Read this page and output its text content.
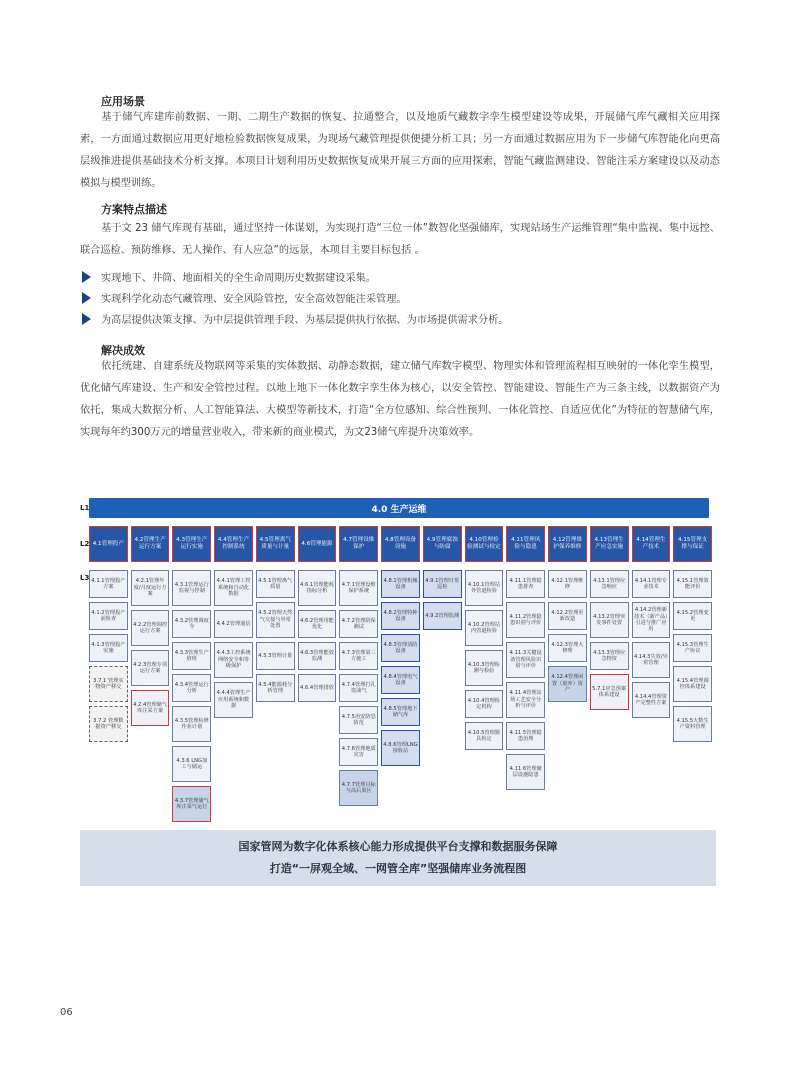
应用场景
基于储气库建库前数据、一期、二期生产数据的恢复、拉通整合，以及地质气藏数字孪生模型建设等成果，开展储气库气藏相关应用探索，一方面通过数据应用更好地检验数据恢复成果，为现场气藏管理提供便捷分析工具；另一方面通过数据应用为下一步储气库智能化向更高层级推进提供基础技术分析支撑。本项目计划利用历史数据恢复成果开展三方面的应用探索，智能气藏监测建设、智能注采方案建设以及动态模拟与模型训练。
方案特点描述
基于文 23 储气库现有基础，通过坚持一体谋划，为实现打造“三位一体”数智化坚强储库，实现站场生产运维管理“集中监视、集中远控、联合巡检、预防维修、无人操作、有人应急”的远景，本项目主要目标包括 。
实现地下、井筒、地面相关的全生命周期历史数据建设采集。
实现科学化动态气藏管理、安全风险管控，安全高效智能注采管理。
为高层提供决策支撑、为中层提供管理手段、为基层提供执行依据、为市场提供需求分析。
解决成效
依托统建、自建系统及物联网等采集的实体数据、动静态数据，建立储气库数字模型、物理实体和管理流程相互映射的一体化孪生模型，优化储气库建设、生产和安全管控过程。以地上地下一体化数字孪生体为核心，以安全管控、智能建设、智能生产为三条主线，以数据资产为依托，集成大数据分析、人工智能算法、大模型等新技术，打造“全方位感知、综合性预判、一体化管控、自适应优化”为特征的智慧储气库，实现每年约300万元的增量营业收入，带来新的商业模式，为文23储气库提升决策效率。
L1
L2
L3
4.0 生产运维
4.1管理投产
4.2管理生产运行方案
4.3管理生产运行实施
4.4管理生产控制系统
4.5管理离气质量与计量
4.6管理能源
4.7管理设维保护
4.8管理设备设施
4.9管理腐蚀与防腐
4.10管理检验测试与检定
4.11管理风险与隐患
4.12管理维护保养维修
4.13管理生产应急实施
4.14管理生产技术
4.15管理支撑与保证
4.1.1管理投产方案
4.1.2管理投产前检查
4.1.3管理投产实施
3.7.1 管理实物资产移交
3.7.2 管理数据资产移交
4.2.1管理年度/月度运行方案
4.2.2管理调控运行方案
4.2.3管理专项运行方案
4.2.4管理储气库注采方案
4.3.1管理运行监视与控制
4.3.2管理调度令
4.3.3管理生产值班
4.3.4管理运行分析
4.3.5管理检修作业计划
4.3.6 LNG加工与储运
4.3.7管理储气库注采气运行
4.4.1管理工控系统和自动化数据
4.4.2管理通信
4.4.3工控系统网络安全和等级保护
4.4.4管理生产应用系统和数据
4.5.1管理离气质量
4.5.2管理天然气交接与异常处置
4.5.3管理计量
4.5.4能源耗分析管理
4.6.1管理能耗指标分析
4.6.2管理用能优化
4.6.3管理能效监测
4.6.4管理排放
4.7.1管理设维保护系统
4.7.2管理阴保测试
4.7.3管理第三方施工
4.7.4管理打孔盗油气
4.7.5治安防恐防范
4.7.6管理地质灾害
4.7.7管理目标与高后果区
4.8.1管理机械设备
4.8.2管理特种设备
4.8.3管理消防设备
4.8.4管理电气设备
4.8.5管理地下储气库
4.8.6管理LNG接收站
4.9.1管理日常巡检
4.9.2管理监测
4.10.1管理站外管道检验
4.10.2管理站内管道检验
4.10.3管理检测与检验
4.10.4管理检定机构
4.10.5管理器具检定
4.11.1管理隐患排查
4.11.2管理隐患识别与评价
4.11.3关键设备管理风险识别与评价
4.11.4管理站场工艺安全分析与评价
4.11.5管理隐患治理
4.11.6管理储层设施隐患
4.12.1管理维修
4.12.2管理更新改造
4.12.3管理大修理
4.12.4管理闲置（废弃）资产
4.13.1管理应急响应
4.13.2管理突发事件处置
4.13.3管理应急物资
5.7.1应急预案体系建设
4.14.1管理专业技术
4.14.2管理新技术（新产品）引进与推广应用
4.14.3失效/异常管理
4.14.4管理资产完整性方案
4.15.1管理效能评价
4.15.2管理变更
4.15.3管理生产协议
4.15.4管理调控体系建设
4.15.5大数生产资料管理
国家管网为数字化体系核心能力形成提供平台支撑和数据服务保障
打造“一屏观全域、一网管全库”坚强储库业务流程图
06
